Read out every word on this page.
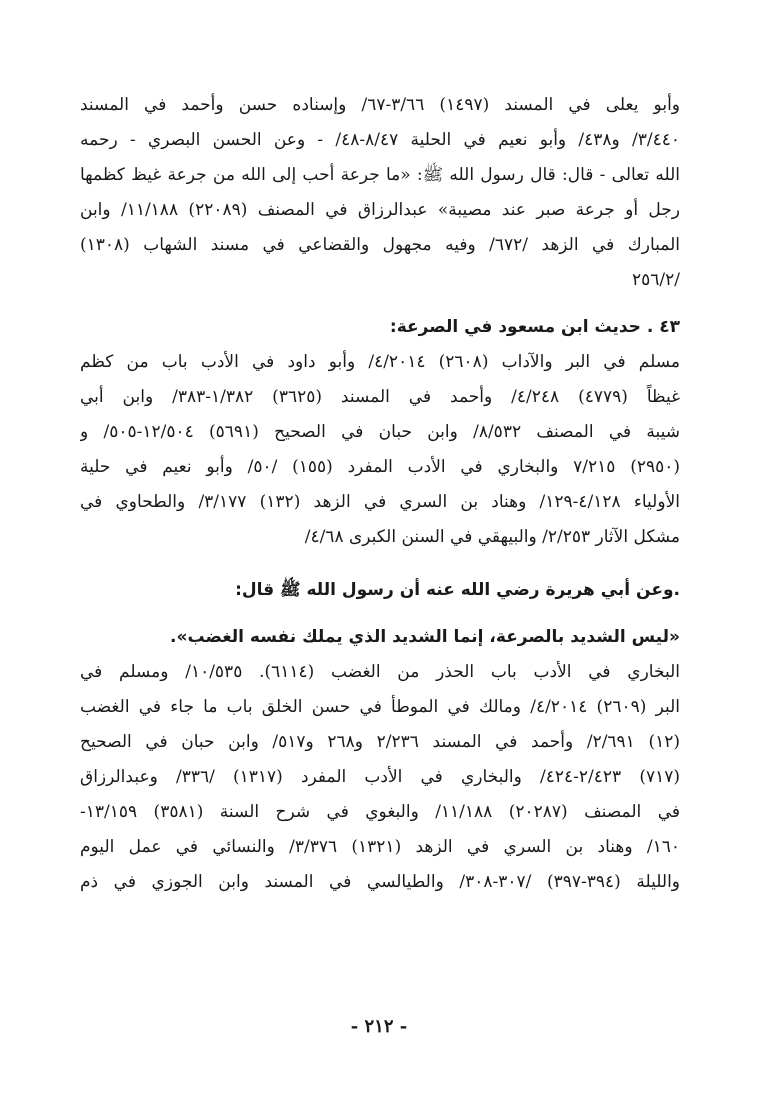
وأبو يعلى في المسند (١٤٩٧) ٣/٦٦-٦٧/ وإسناده حسن وأحمد في المسند
٣/٤٤٠/ و٤٣٨/ وأبو نعيم في الحلية ٨/٤٧-٤٨/ - وعن الحسن البصري - رحمه
الله تعالى - قال: قال رسول الله ﷺ: «ما جرعة أحب إلى الله من جرعة غيظ كظمها
رجل أو جرعة صبر عند مصيبة» عبدالرزاق في المصنف (٢٢٠٨٩) ١١/١٨٨/ وابن
المبارك في الزهد /٦٧٢/ وفيه مجهول والقضاعي في مسند الشهاب (١٣٠٨)
/٢٥٦/٢
٤٣ . حديث ابن مسعود في الصرعة:
مسلم في البر والآداب (٢٦٠٨) ٤/٢٠١٤/ وأبو داود في الأدب باب من كظم
غيظاً (٤٧٧٩) ٤/٢٤٨/ وأحمد في المسند (٣٦٢٥) ١/٣٨٢-٣٨٣/ وابن أبي
شيبة في المصنف ٨/٥٣٢/ وابن حبان في الصحيح (٥٦٩١) ١٢/٥٠٤-٥٠٥/ و
(٢٩٥٠) ٧/٢١٥ والبخاري في الأدب المفرد (١٥٥) /٥٠/ وأبو نعيم في حلية
الأولياء ٤/١٢٨-١٢٩/ وهناد بن السري في الزهد (١٣٢) ٣/١٧٧/ والطحاوي في
مشكل الآثار ٢/٢٥٣/ والبيهقي في السنن الكبرى ٤/٦٨/
.وعن أبي هريرة رضي الله عنه أن رسول الله ﷺ قال:
«ليس الشديد بالصرعة، إنما الشديد الذي يملك نفسه الغضب».
البخاري في الأدب باب الحذر من الغضب (٦١١٤). ١٠/٥٣٥/ ومسلم في
البر (٢٦٠٩) ٤/٢٠١٤/ ومالك في الموطأ في حسن الخلق باب ما جاء في الغضب
(١٢) ٢/٦٩١/ وأحمد في المسند ٢/٢٣٦ و٢٦٨ و٥١٧/ وابن حبان في الصحيح
(٧١٧) ٢/٤٢٣-٤٢٤/ والبخاري في الأدب المفرد (١٣١٧) /٣٣٦/ وعبدالرزاق
في المصنف (٢٠٢٨٧) ١١/١٨٨/ والبغوي في شرح السنة (٣٥٨١) ١٣/١٥٩-
١٦٠/ وهناد بن السري في الزهد (١٣٢١) ٣/٣٧٦/ والنسائي في عمل اليوم
والليلة (٣٩٤-٣٩٧) /٣٠٧-٣٠٨/ والطيالسي في المسند وابن الجوزي في ذم
- ٢١٢ -
